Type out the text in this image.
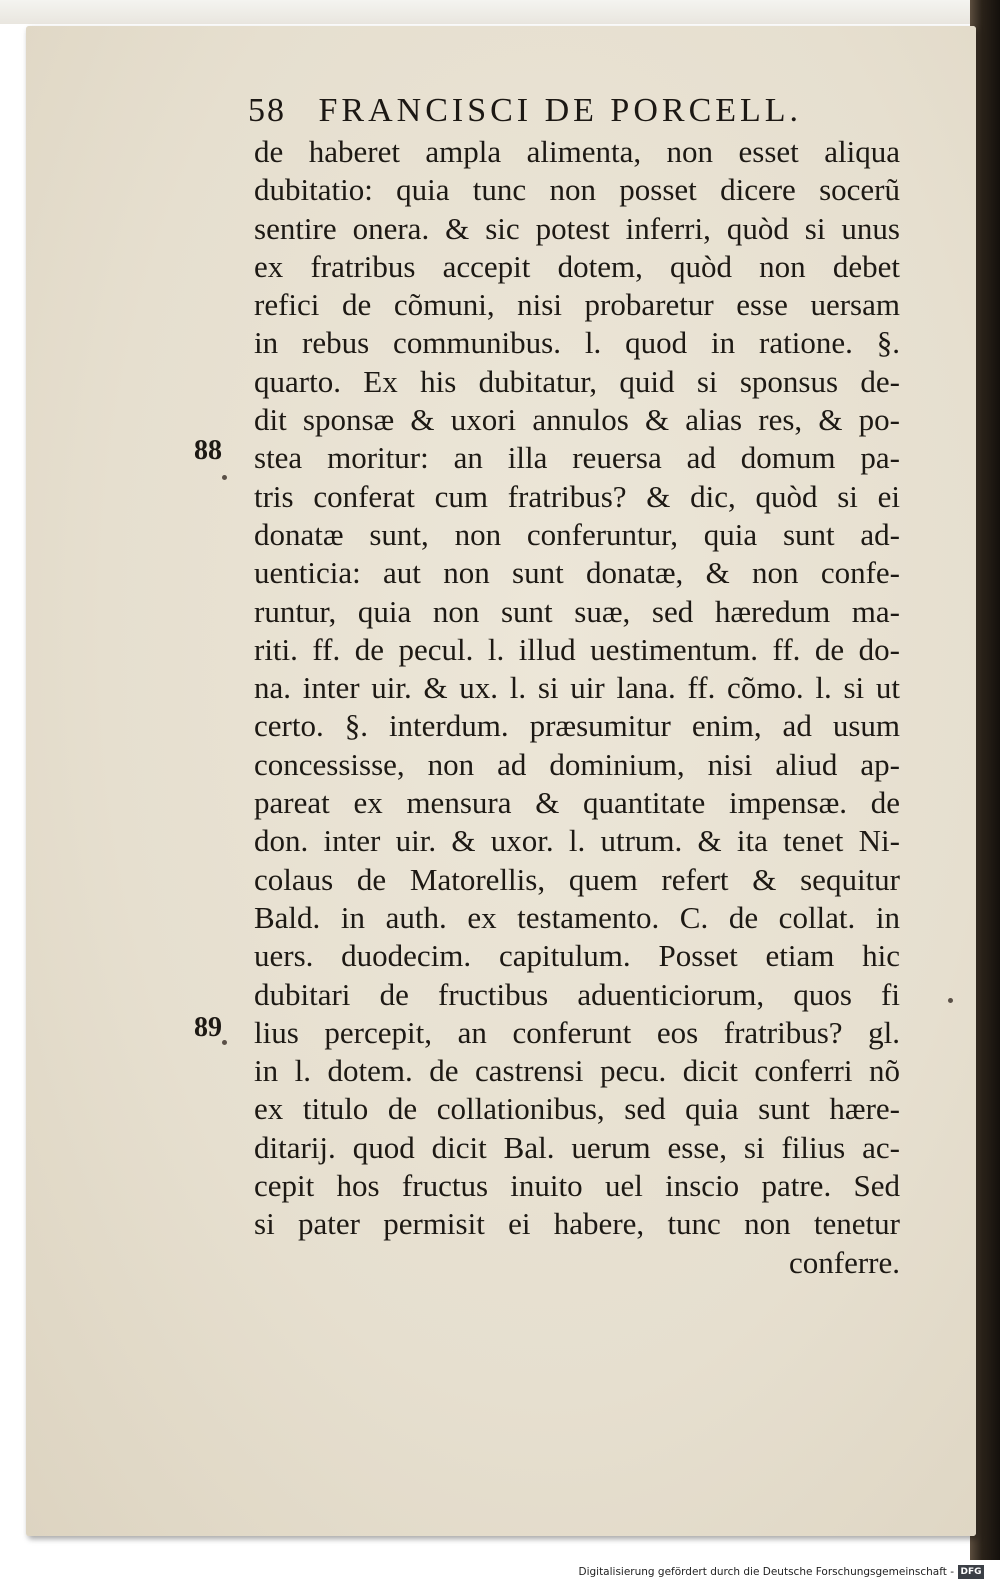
58 FRANCISCI DE PORCELL.
88
89
de haberet ampla alimenta, non esset aliqua
dubitatio: quia tunc non posset dicere socerũ
sentire onera. & sic potest inferri, quòd si unus
ex fratribus accepit dotem, quòd non debet
refici de cõmuni, nisi probaretur esse uersam
in rebus communibus. l. quod in ratione. §.
quarto. Ex his dubitatur, quid si sponsus de-
dit sponsæ & uxori annulos & alias res, & po-
stea moritur: an illa reuersa ad domum pa-
tris conferat cum fratribus? & dic, quòd si ei
donatæ sunt, non conferuntur, quia sunt ad-
uenticia: aut non sunt donatæ, & non confe-
runtur, quia non sunt suæ, sed hæredum ma-
riti. ff. de pecul. l. illud uestimentum. ff. de do-
na. inter uir. & ux. l. si uir lana. ff. cõmo. l. si ut
certo. §. interdum. præsumitur enim, ad usum
concessisse, non ad dominium, nisi aliud ap-
pareat ex mensura & quantitate impensæ. de
don. inter uir. & uxor. l. utrum. & ita tenet Ni-
colaus de Matorellis, quem refert & sequitur
Bald. in auth. ex testamento. C. de collat. in
uers. duodecim. capitulum. Posset etiam hic
dubitari de fructibus aduenticiorum, quos fi
lius percepit, an conferunt eos fratribus? gl.
in l. dotem. de castrensi pecu. dicit conferri nõ
ex titulo de collationibus, sed quia sunt hære-
ditarij. quod dicit Bal. uerum esse, si filius ac-
cepit hos fructus inuito uel inscio patre. Sed
si pater permisit ei habere, tunc non tenetur
conferre.
Digitalisierung gefördert durch die Deutsche Forschungsgemeinschaft - DFG
